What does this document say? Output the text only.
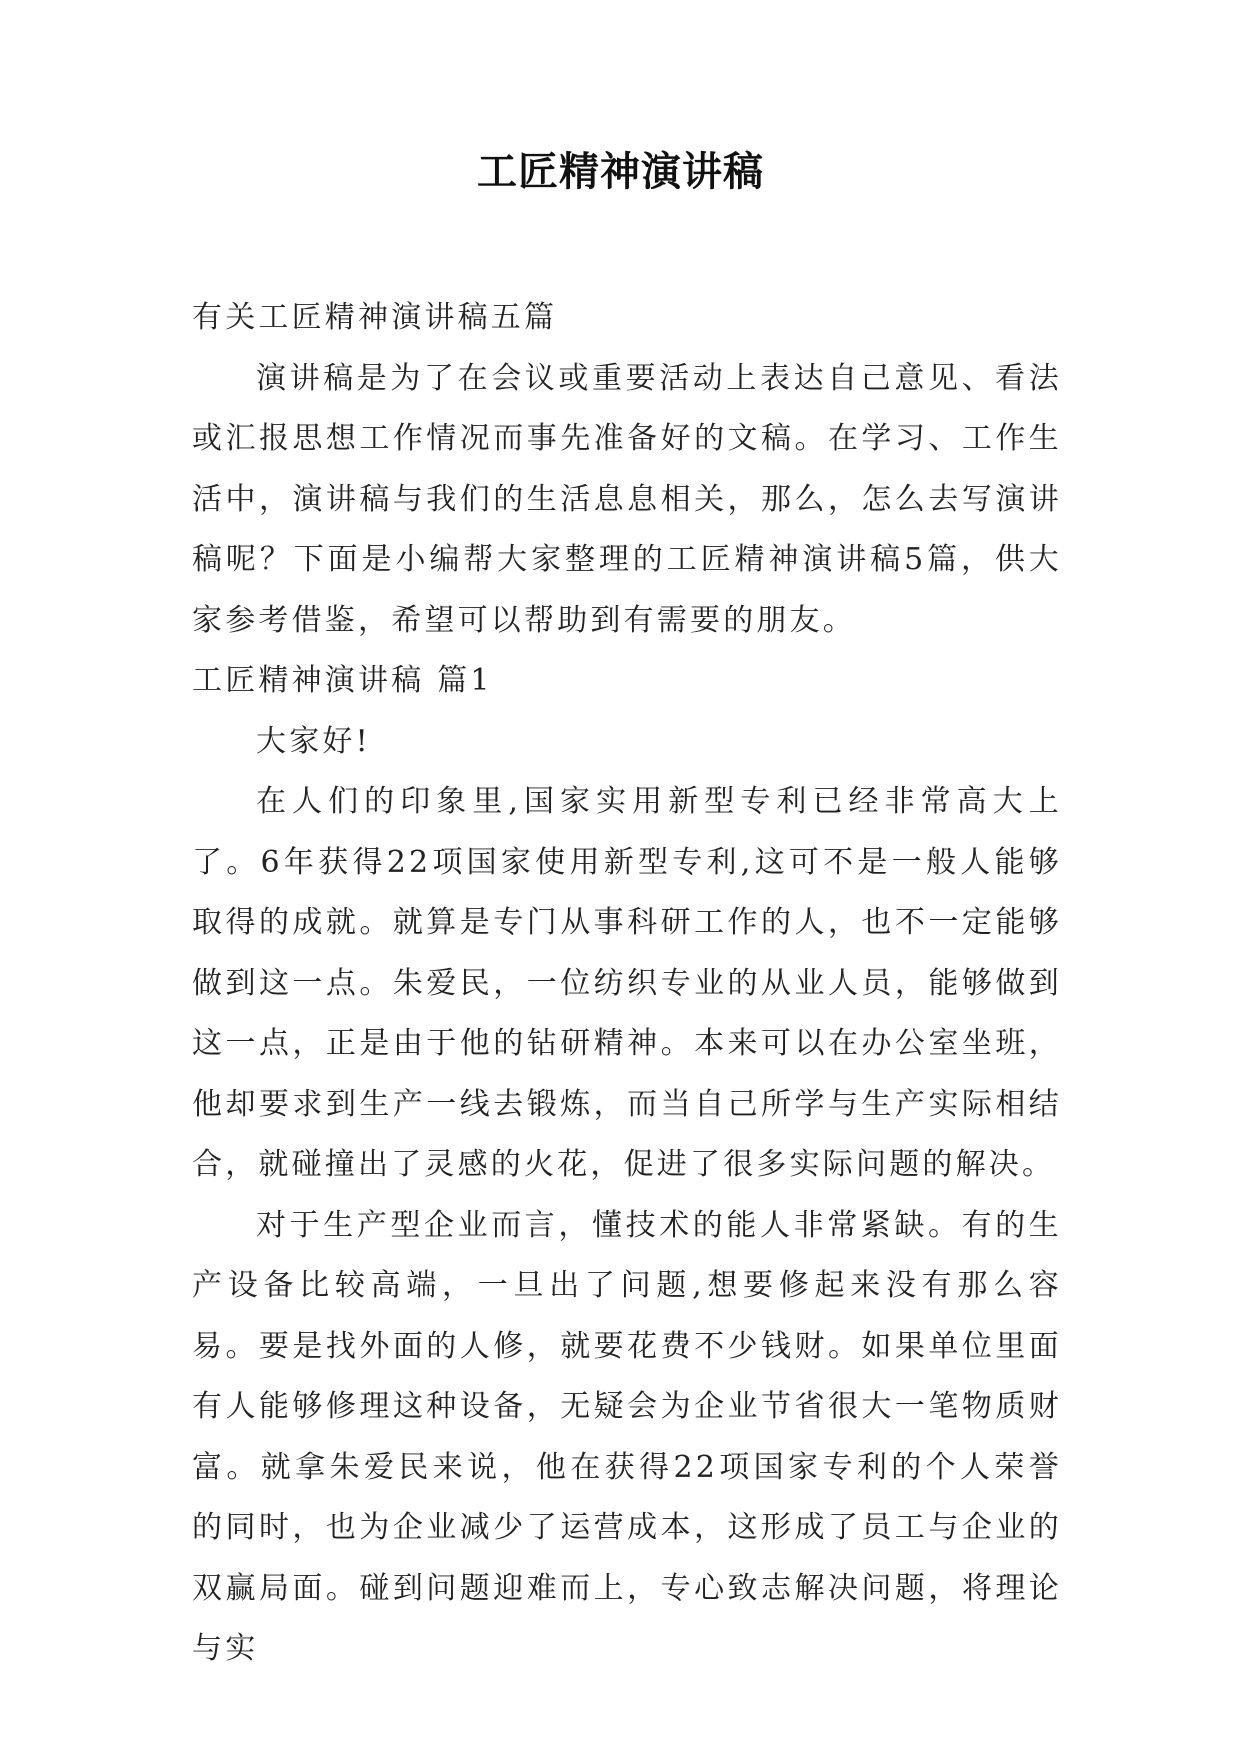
工匠精神演讲稿

有关工匠精神演讲稿五篇

演讲稿是为了在会议或重要活动上表达自己意见、看法或汇报思想工作情况而事先准备好的文稿。在学习、工作生活中，演讲稿与我们的生活息息相关，那么，怎么去写演讲稿呢？下面是小编帮大家整理的工匠精神演讲稿5篇，供大家参考借鉴，希望可以帮助到有需要的朋友。

工匠精神演讲稿 篇1

大家好!

在人们的印象里,国家实用新型专利已经非常高大上了。6年获得22项国家使用新型专利,这可不是一般人能够取得的成就。就算是专门从事科研工作的人，也不一定能够做到这一点。朱爱民，一位纺织专业的从业人员，能够做到这一点，正是由于他的钻研精神。本来可以在办公室坐班，他却要求到生产一线去锻炼，而当自己所学与生产实际相结合，就碰撞出了灵感的火花，促进了很多实际问题的解决。

对于生产型企业而言，懂技术的能人非常紧缺。有的生产设备比较高端，一旦出了问题,想要修起来没有那么容易。要是找外面的人修，就要花费不少钱财。如果单位里面有人能够修理这种设备，无疑会为企业节省很大一笔物质财富。就拿朱爱民来说，他在获得22项国家专利的个人荣誉的同时，也为企业减少了运营成本，这形成了员工与企业的双赢局面。碰到问题迎难而上，专心致志解决问题，将理论与实
